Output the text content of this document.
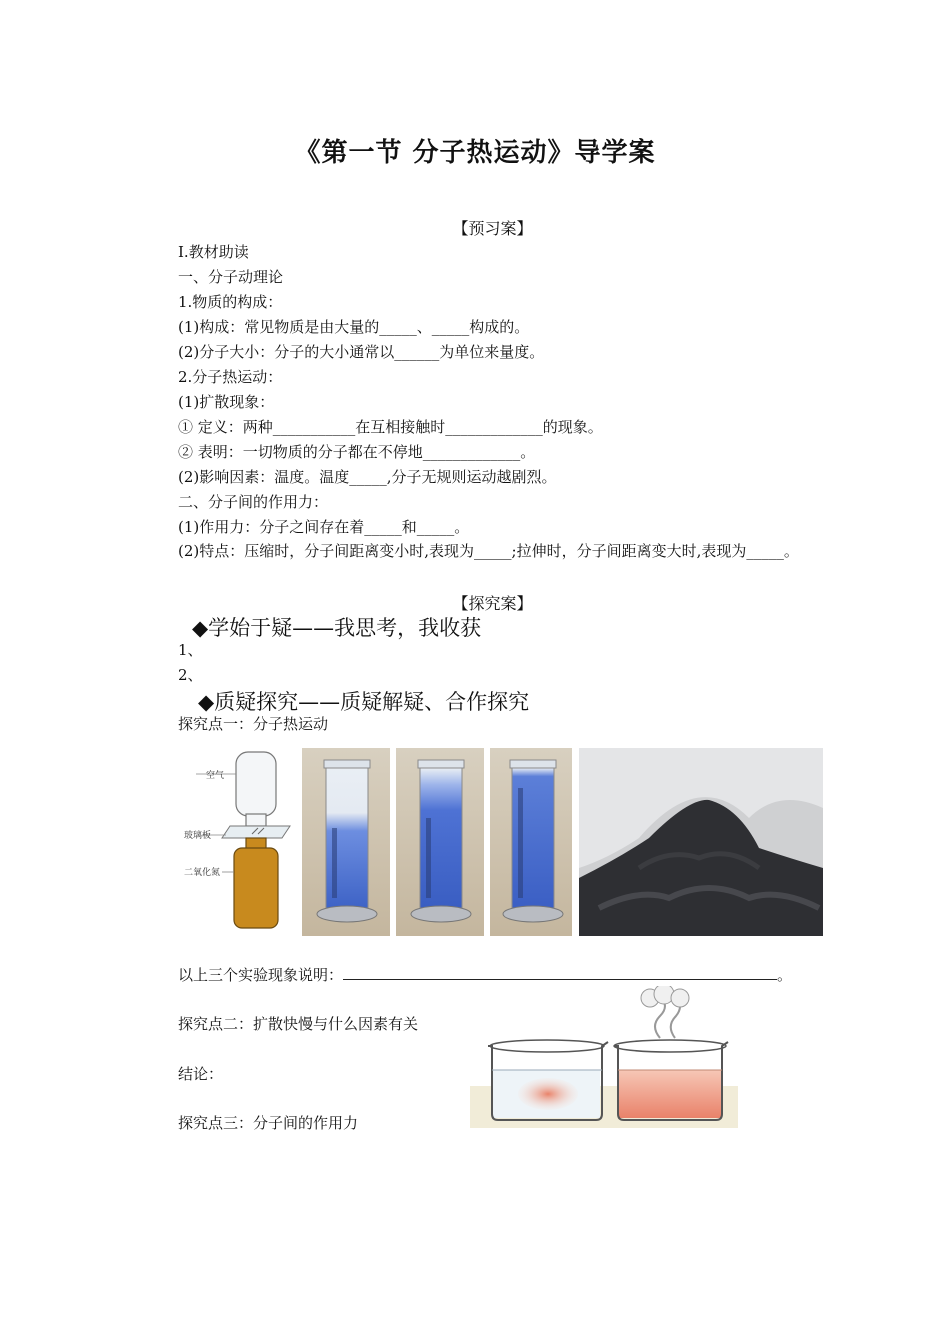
《第一节 分子热运动》导学案
【预习案】
I.教材助读
一、分子动理论
1.物质的构成：
(1)构成：常见物质是由大量的_____、_____构成的。
(2)分子大小：分子的大小通常以______为单位来量度。
2.分子热运动：
(1)扩散现象：
① 定义：两种___________在互相接触时_____________的现象。
② 表明：一切物质的分子都在不停地_____________。
(2)影响因素：温度。温度_____,分子无规则运动越剧烈。
二、分子间的作用力：
(1)作用力：分子之间存在着_____和_____。
(2)特点：压缩时，分子间距离变小时,表现为_____;拉伸时，分子间距离变大时,表现为_____。
【探究案】
◆学始于疑——我思考，我收获
1、
2、
◆质疑探究——质疑解疑、合作探究
探究点一：分子热运动
空气
玻璃板
二氧化氮
以上三个实验现象说明：	。
探究点二：扩散快慢与什么因素有关
结论：
探究点三：分子间的作用力
